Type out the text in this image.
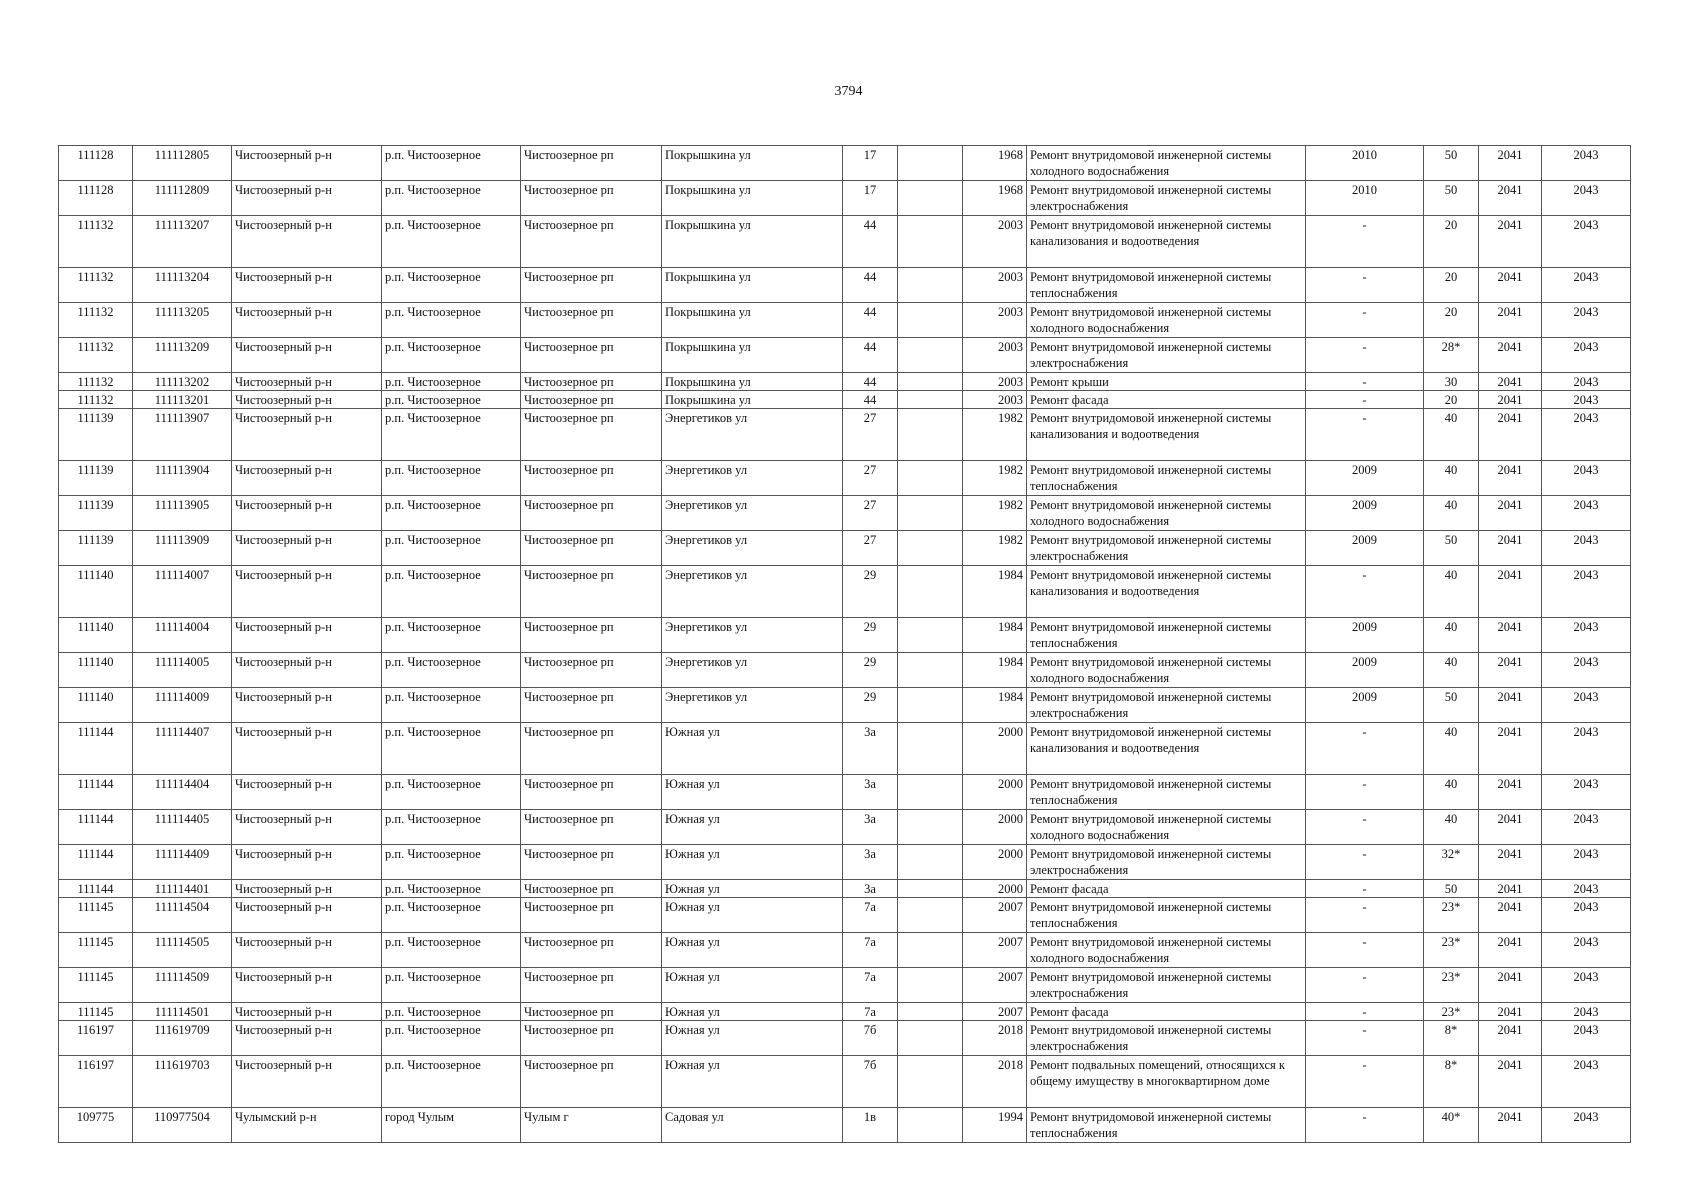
3794
111128	111112805	Чистоозерный р-н	р.п. Чистоозерное	Чистоозерное рп	Покрышкина ул	17		1968	Ремонт внутридомовой инженерной системы холодного водоснабжения	2010	50	2041	2043
111128	111112809	Чистоозерный р-н	р.п. Чистоозерное	Чистоозерное рп	Покрышкина ул	17		1968	Ремонт внутридомовой инженерной системы электроснабжения	2010	50	2041	2043
111132	111113207	Чистоозерный р-н	р.п. Чистоозерное	Чистоозерное рп	Покрышкина ул	44		2003	Ремонт внутридомовой инженерной системы канализования и водоотведения	-	20	2041	2043
111132	111113204	Чистоозерный р-н	р.п. Чистоозерное	Чистоозерное рп	Покрышкина ул	44		2003	Ремонт внутридомовой инженерной системы теплоснабжения	-	20	2041	2043
111132	111113205	Чистоозерный р-н	р.п. Чистоозерное	Чистоозерное рп	Покрышкина ул	44		2003	Ремонт внутридомовой инженерной системы холодного водоснабжения	-	20	2041	2043
111132	111113209	Чистоозерный р-н	р.п. Чистоозерное	Чистоозерное рп	Покрышкина ул	44		2003	Ремонт внутридомовой инженерной системы электроснабжения	-	28*	2041	2043
111132	111113202	Чистоозерный р-н	р.п. Чистоозерное	Чистоозерное рп	Покрышкина ул	44		2003	Ремонт крыши	-	30	2041	2043
111132	111113201	Чистоозерный р-н	р.п. Чистоозерное	Чистоозерное рп	Покрышкина ул	44		2003	Ремонт фасада	-	20	2041	2043
111139	111113907	Чистоозерный р-н	р.п. Чистоозерное	Чистоозерное рп	Энергетиков ул	27		1982	Ремонт внутридомовой инженерной системы канализования и водоотведения	-	40	2041	2043
111139	111113904	Чистоозерный р-н	р.п. Чистоозерное	Чистоозерное рп	Энергетиков ул	27		1982	Ремонт внутридомовой инженерной системы теплоснабжения	2009	40	2041	2043
111139	111113905	Чистоозерный р-н	р.п. Чистоозерное	Чистоозерное рп	Энергетиков ул	27		1982	Ремонт внутридомовой инженерной системы холодного водоснабжения	2009	40	2041	2043
111139	111113909	Чистоозерный р-н	р.п. Чистоозерное	Чистоозерное рп	Энергетиков ул	27		1982	Ремонт внутридомовой инженерной системы электроснабжения	2009	50	2041	2043
111140	111114007	Чистоозерный р-н	р.п. Чистоозерное	Чистоозерное рп	Энергетиков ул	29		1984	Ремонт внутридомовой инженерной системы канализования и водоотведения	-	40	2041	2043
111140	111114004	Чистоозерный р-н	р.п. Чистоозерное	Чистоозерное рп	Энергетиков ул	29		1984	Ремонт внутридомовой инженерной системы теплоснабжения	2009	40	2041	2043
111140	111114005	Чистоозерный р-н	р.п. Чистоозерное	Чистоозерное рп	Энергетиков ул	29		1984	Ремонт внутридомовой инженерной системы холодного водоснабжения	2009	40	2041	2043
111140	111114009	Чистоозерный р-н	р.п. Чистоозерное	Чистоозерное рп	Энергетиков ул	29		1984	Ремонт внутридомовой инженерной системы электроснабжения	2009	50	2041	2043
111144	111114407	Чистоозерный р-н	р.п. Чистоозерное	Чистоозерное рп	Южная ул	3а		2000	Ремонт внутридомовой инженерной системы канализования и водоотведения	-	40	2041	2043
111144	111114404	Чистоозерный р-н	р.п. Чистоозерное	Чистоозерное рп	Южная ул	3а		2000	Ремонт внутридомовой инженерной системы теплоснабжения	-	40	2041	2043
111144	111114405	Чистоозерный р-н	р.п. Чистоозерное	Чистоозерное рп	Южная ул	3а		2000	Ремонт внутридомовой инженерной системы холодного водоснабжения	-	40	2041	2043
111144	111114409	Чистоозерный р-н	р.п. Чистоозерное	Чистоозерное рп	Южная ул	3а		2000	Ремонт внутридомовой инженерной системы электроснабжения	-	32*	2041	2043
111144	111114401	Чистоозерный р-н	р.п. Чистоозерное	Чистоозерное рп	Южная ул	3а		2000	Ремонт фасада	-	50	2041	2043
111145	111114504	Чистоозерный р-н	р.п. Чистоозерное	Чистоозерное рп	Южная ул	7а		2007	Ремонт внутридомовой инженерной системы теплоснабжения	-	23*	2041	2043
111145	111114505	Чистоозерный р-н	р.п. Чистоозерное	Чистоозерное рп	Южная ул	7а		2007	Ремонт внутридомовой инженерной системы холодного водоснабжения	-	23*	2041	2043
111145	111114509	Чистоозерный р-н	р.п. Чистоозерное	Чистоозерное рп	Южная ул	7а		2007	Ремонт внутридомовой инженерной системы электроснабжения	-	23*	2041	2043
111145	111114501	Чистоозерный р-н	р.п. Чистоозерное	Чистоозерное рп	Южная ул	7а		2007	Ремонт фасада	-	23*	2041	2043
116197	111619709	Чистоозерный р-н	р.п. Чистоозерное	Чистоозерное рп	Южная ул	7б		2018	Ремонт внутридомовой инженерной системы электроснабжения	-	8*	2041	2043
116197	111619703	Чистоозерный р-н	р.п. Чистоозерное	Чистоозерное рп	Южная ул	7б		2018	Ремонт подвальных помещений, относящихся к общему имуществу в многоквартирном доме	-	8*	2041	2043
109775	110977504	Чулымский р-н	город Чулым	Чулым г	Садовая ул	1в		1994	Ремонт внутридомовой инженерной системы теплоснабжения	-	40*	2041	2043
